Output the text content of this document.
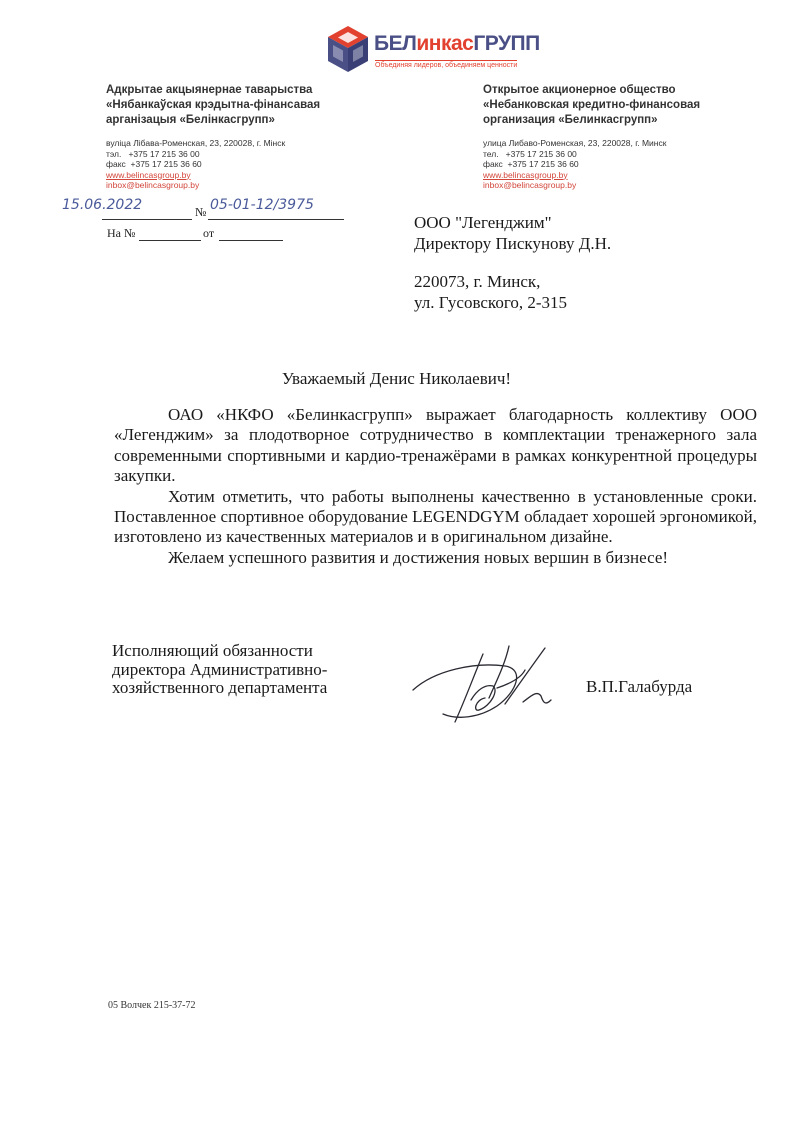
БЕЛинкасГРУПП
Объединяя лидеров, объединяем ценности
Адкрытае акцыянернае таварыства
«Нябанкаўская крэдытна-фінансавая
арганізацыя «Белінкасгрупп»
вуліца Лібава-Роменская, 23, 220028, г. Мінск
тэл.   +375 17 215 36 00
факс  +375 17 215 36 60
www.belincasgroup.by
inbox@belincasgroup.by
Открытое акционерное общество
«Небанковская кредитно-финансовая
организация «Белинкасгрупп»
улица Либаво-Роменская, 23, 220028, г. Минск
тел.   +375 17 215 36 00
факс  +375 17 215 36 60
www.belincasgroup.by
inbox@belincasgroup.by
15.06.2022	№ 05-01-12/3975
На №	от
ООО "Легенджим"
Директору Пискунову Д.Н.
220073, г. Минск,
ул. Гусовского, 2-315
Уважаемый Денис Николаевич!

ОАО «НКФО «Белинкасгрупп» выражает благодарность коллективу ООО «Легенджим» за плодотворное сотрудничество в комплектации тренажерного зала современными спортивными и кардио-тренажёрами в рамках конкурентной процедуры закупки.

Хотим отметить, что работы выполнены качественно в установленные сроки. Поставленное спортивное оборудование LEGENDGYM обладает хорошей эргономикой, изготовлено из качественных материалов и в оригинальном дизайне.

Желаем успешного развития и достижения новых вершин в бизнесе!

Исполняющий обязанности
директора Административно-
хозяйственного департамента	В.П.Галабурда
05 Волчек 215-37-72
